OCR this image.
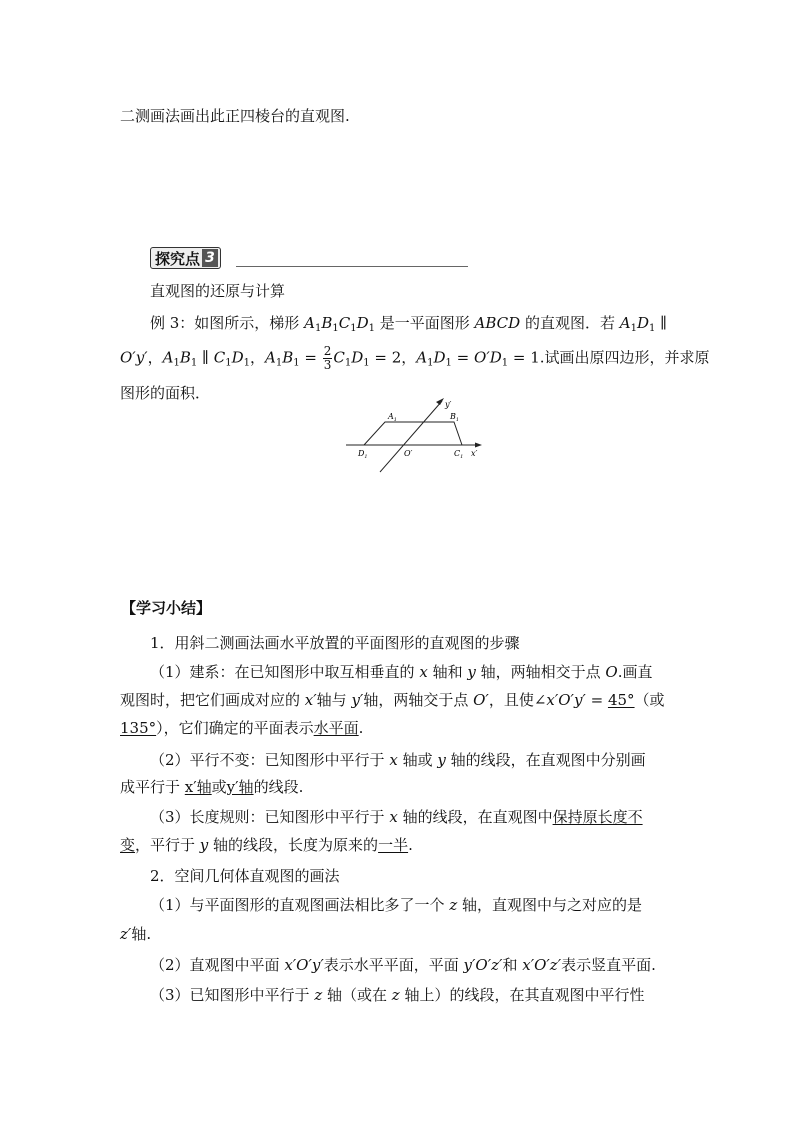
二测画法画出此正四棱台的直观图.
探究点 3
直观图的还原与计算
例 3：如图所示，梯形 $A_1B_1C_1D_1$ 是一平面图形 ABCD 的直观图．若 $A_1D_1$ ∥
O′y′，$A_1B_1$ ∥ $C_1D_1$，$A_1B_1 = \frac{2}{3} C_1D_1 = 2$，$A_1D_1 = O'D_1 = 1$.试画出原四边形，并求原
图形的面积．
$A_1$	$B_1$
$D_1$	O′	$C_1$ x′
y′
【学习小结】
1．用斜二测画法画水平放置的平面图形的直观图的步骤
（1）建系：在已知图形中取互相垂直的 x 轴和 y 轴，两轴相交于点 O.画直
观图时，把它们画成对应的 x′轴与 y′轴，两轴交于点 O′，且使∠x′O′y′ = 45°（或
135°），它们确定的平面表示水平面.
（2）平行不变：已知图形中平行于 x 轴或 y 轴的线段，在直观图中分别画
成平行于 x′轴或y′轴的线段.
（3）长度规则：已知图形中平行于 x 轴的线段，在直观图中保持原长度不
变，平行于 y 轴的线段，长度为原来的一半.
2．空间几何体直观图的画法
（1）与平面图形的直观图画法相比多了一个 z 轴，直观图中与之对应的是
z′轴.
（2）直观图中平面 x′O′y′表示水平平面，平面 y′O′z′和 x′O′z′表示竖直平面.
（3）已知图形中平行于 z 轴（或在 z 轴上）的线段，在其直观图中平行性
